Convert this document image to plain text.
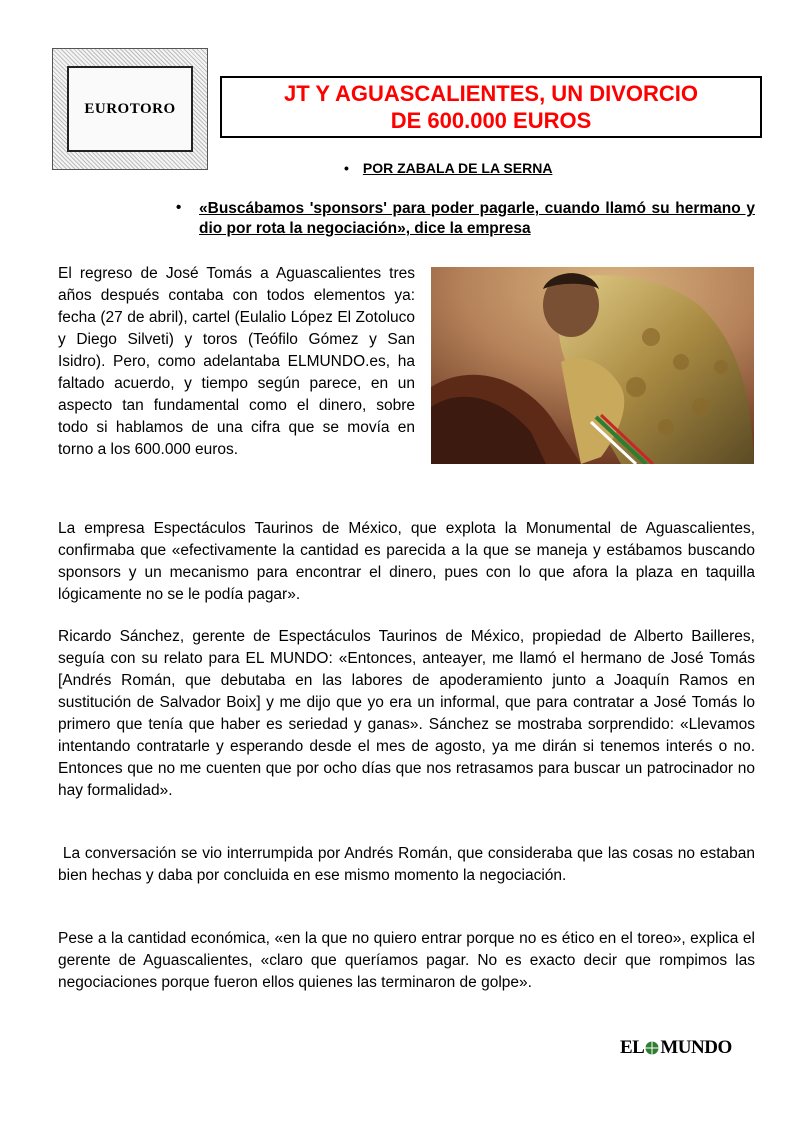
EUROTORO
JT Y AGUASCALIENTES, UN DIVORCIO
DE 600.000 EUROS
• POR ZABALA DE LA SERNA
• «Buscábamos 'sponsors' para poder pagarle, cuando llamó su hermano y dio por rota la negociación», dice la empresa
El regreso de José Tomás a Aguascalientes tres años después contaba con todos elementos ya: fecha (27 de abril), cartel (Eulalio López El Zotoluco y Diego Silveti) y toros (Teófilo Gómez y San Isidro). Pero, como adelantaba ELMUNDO.es, ha faltado acuerdo, y tiempo según parece, en un aspecto tan fundamental como el dinero, sobre todo si hablamos de una cifra que se movía en torno a los 600.000 euros.
La empresa Espectáculos Taurinos de México, que explota la Monumental de Aguascalientes, confirmaba que «efectivamente la cantidad es parecida a la que se maneja y estábamos buscando sponsors y un mecanismo para encontrar el dinero, pues con lo que afora la plaza en taquilla lógicamente no se le podía pagar».
Ricardo Sánchez, gerente de Espectáculos Taurinos de México, propiedad de Alberto Bailleres, seguía con su relato para EL MUNDO: «Entonces, anteayer, me llamó el hermano de José Tomás [Andrés Román, que debutaba en las labores de apoderamiento junto a Joaquín Ramos en sustitución de Salvador Boix] y me dijo que yo era un informal, que para contratar a José Tomás lo primero que tenía que haber es seriedad y ganas». Sánchez se mostraba sorprendido: «Llevamos intentando contratarle y esperando desde el mes de agosto, ya me dirán si tenemos interés o no. Entonces que no me cuenten que por ocho días que nos retrasamos para buscar un patrocinador no hay formalidad».
La conversación se vio interrumpida por Andrés Román, que consideraba que las cosas no estaban bien hechas y daba por concluida en ese mismo momento la negociación.
Pese a la cantidad económica, «en la que no quiero entrar porque no es ético en el toreo», explica el gerente de Aguascalientes, «claro que queríamos pagar. No es exacto decir que rompimos las negociaciones porque fueron ellos quienes las terminaron de golpe».
EL MUNDO
